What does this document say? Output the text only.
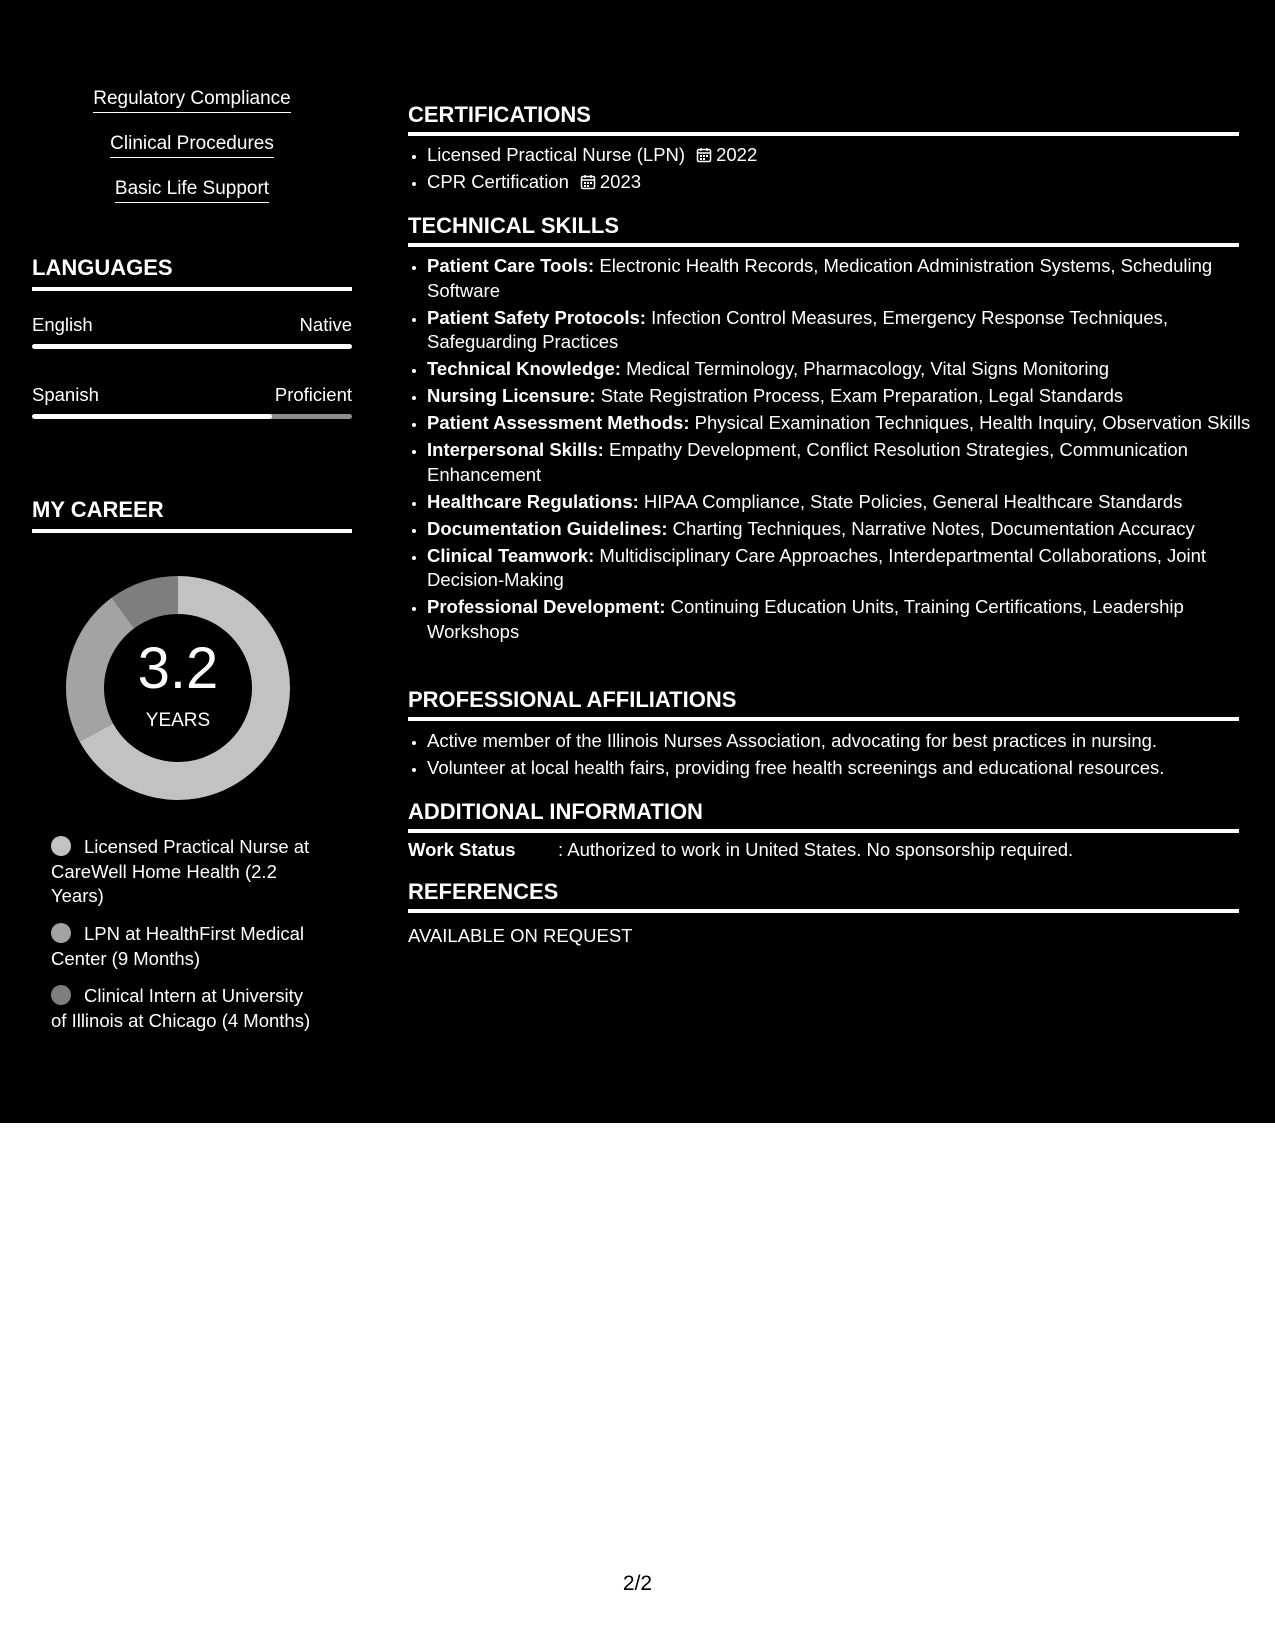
Regulatory Compliance
Clinical Procedures
Basic Life Support
LANGUAGES
English	Native
Spanish	Proficient
MY CAREER
3.2
YEARS
Licensed Practical Nurse at CareWell Home Health (2.2 Years)
LPN at HealthFirst Medical Center (9 Months)
Clinical Intern at University of Illinois at Chicago (4 Months)
CERTIFICATIONS
• Licensed Practical Nurse (LPN) 2022
• CPR Certification 2023
TECHNICAL SKILLS
• Patient Care Tools: Electronic Health Records, Medication Administration Systems, Scheduling Software
• Patient Safety Protocols: Infection Control Measures, Emergency Response Techniques, Safeguarding Practices
• Technical Knowledge: Medical Terminology, Pharmacology, Vital Signs Monitoring
• Nursing Licensure: State Registration Process, Exam Preparation, Legal Standards
• Patient Assessment Methods: Physical Examination Techniques, Health Inquiry, Observation Skills
• Interpersonal Skills: Empathy Development, Conflict Resolution Strategies, Communication Enhancement
• Healthcare Regulations: HIPAA Compliance, State Policies, General Healthcare Standards
• Documentation Guidelines: Charting Techniques, Narrative Notes, Documentation Accuracy
• Clinical Teamwork: Multidisciplinary Care Approaches, Interdepartmental Collaborations, Joint Decision-Making
• Professional Development: Continuing Education Units, Training Certifications, Leadership Workshops
PROFESSIONAL AFFILIATIONS
• Active member of the Illinois Nurses Association, advocating for best practices in nursing.
• Volunteer at local health fairs, providing free health screenings and educational resources.
ADDITIONAL INFORMATION
Work Status : Authorized to work in United States. No sponsorship required.
REFERENCES
AVAILABLE ON REQUEST
2/2
